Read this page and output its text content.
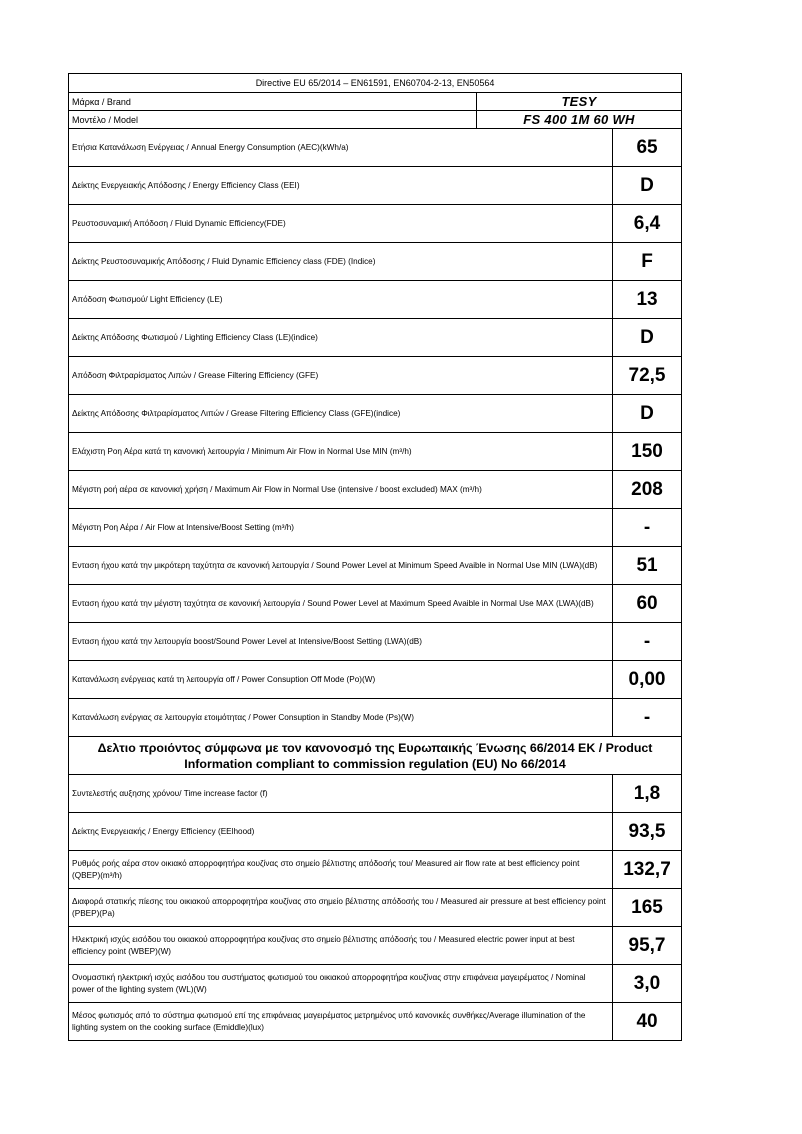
Directive EU 65/2014 – EN61591, EN60704-2-13, EN50564		
Μάρκα / Brand	TESY	
Μοντέλο / Model	FS 400 1M 60 WH	
Ετήσια Κατανάλωση Ενέργειας / Annual Energy Consumption (AEC)(kWh/a)		65
Δείκτης Ενεργειακής Απόδοσης / Energy Efficiency Class (EEI)		D
Ρευστοσυναμική Απόδοση / Fluid Dynamic Efficiency(FDE)		6,4
Δείκτης Ρευστοσυναμικής Απόδοσης / Fluid Dynamic Efficiency class (FDE) (Indice)		F
Απόδοση Φωτισμού/ Light Efficiency (LE)		13
Δείκτης Απόδοσης Φωτισμού / Lighting Efficiency Class (LE)(indice)		D
Απόδοση Φιλτραρίσματος Λιπών / Grease Filtering Efficiency (GFE)		72,5
Δείκτης Απόδοσης Φιλτραρίσματος Λιπών / Grease Filtering Efficiency Class (GFE)(indice)		D
Ελάχιστη Ροη Αέρα κατά τη κανονική λειτουργία / Minimum Air Flow in Normal Use MIN (m³/h)		150
Μέγιστη ροή αέρα σε κανονική χρήση / Maximum Air Flow in Normal Use (intensive / boost excluded) MAX (m³/h)		208
Μέγιστη Ροη Αέρα / Air Flow at Intensive/Boost Setting (m³/h)		-
Ενταση ήχου κατά την μικρότερη ταχύτητα σε κανονική λειτουργία / Sound Power Level at Minimum Speed Avaible in Normal Use MIN (LWA)(dB)		51
Ενταση ήχου κατά την μέγιστη ταχύτητα σε κανονική λειτουργία / Sound Power Level at Maximum Speed Avaible in Normal Use MAX (LWA)(dB)		60
Ενταση ήχου κατά την λειτουργία boost/Sound Power Level at Intensive/Boost Setting (LWA)(dB)		-
Κατανάλωση ενέργειας κατά τη λειτουργία off / Power Consuption Off Mode (Po)(W)		0,00
Κατανάλωση ενέργιας σε λειτουργία ετοιμότητας / Power Consuption in Standby Mode (Ps)(W)		-
Δελτιο προιόντος σύμφωνα με τον κανονοσμό της Ευρωπαικής Ένωσης 66/2014 ΕΚ / Product Information compliant to commission regulation (EU) No 66/2014		
Συντελεστής αυξησης χρόνου/ Time increase factor (f)		1,8
Δείκτης Ενεργειακής / Energy Efficiency (EElhood)		93,5
Ρυθμός ροής αέρα στον οικιακό απορροφητήρα κουζίνας στο σημείο βέλτιστης απόδοσής του/ Measured air flow rate at best efficiency point (QBEP)(m³/h)		132,7
Διαφορά στατικής πίεσης του οικιακού απορροφητήρα κουζίνας στο σημείο βέλτιστης απόδοσής του / Measured air pressure at best efficiency point (PBEP)(Pa)		165
Ηλεκτρική ισχύς εισόδου του οικιακού απορροφητήρα κουζίνας στο σημείο βέλτιστης απόδοσής του / Measured electric power input at best efficiency point (WBEP)(W)		95,7
Ονομαστική ηλεκτρική ισχύς εισόδου του συστήματος φωτισμού του οικιακού απορροφητήρα κουζίνας στην επιφάνεια μαγειρέματος / Nominal power of the lighting system (WL)(W)		3,0
Μέσος φωτισμός από το σύστημα φωτισμού επί της επιφάνειας μαγειρέματος μετρημένος υπό κανονικές συνθήκες/Average illumination of the lighting system on the cooking surface (Emiddle)(lux)		40
